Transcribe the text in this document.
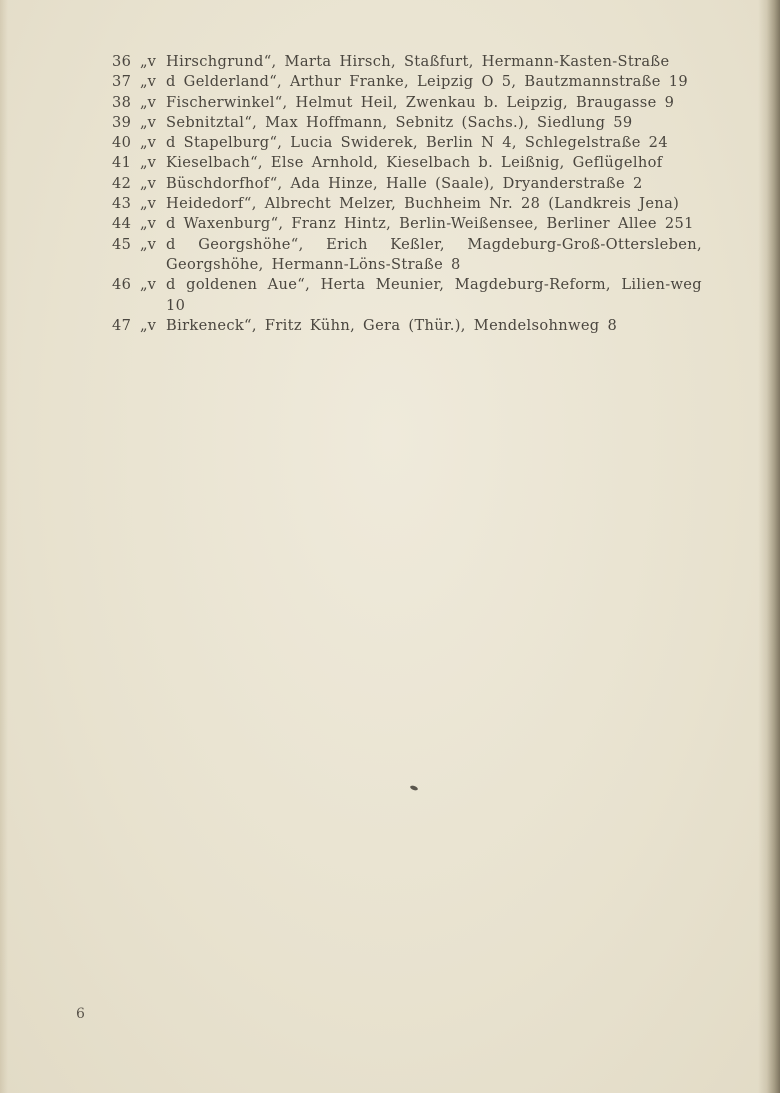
36 „v Hirschgrund“, Marta Hirsch, Staßfurt, Hermann-Kasten-Straße
37 „v d Gelderland“, Arthur Franke, Leipzig O 5, Bautzmannstraße 19
38 „v Fischerwinkel“, Helmut Heil, Zwenkau b. Leipzig, Braugasse 9
39 „v Sebnitztal“, Max Hoffmann, Sebnitz (Sachs.), Siedlung 59
40 „v d Stapelburg“, Lucia Swiderek, Berlin N 4, Schlegelstraße 24
41 „v Kieselbach“, Else Arnhold, Kieselbach b. Leißnig, Geflügelhof
42 „v Büschdorfhof“, Ada Hinze, Halle (Saale), Dryanderstraße 2
43 „v Heidedorf“, Albrecht Melzer, Buchheim Nr. 28 (Landkreis Jena)
44 „v d Waxenburg“, Franz Hintz, Berlin-Weißensee, Berliner Allee 251
45 „v d Georgshöhe“, Erich Keßler, Magdeburg-Groß-Ottersleben, Georgshöhe, Hermann-Löns-Straße 8
46 „v d goldenen Aue“, Herta Meunier, Magdeburg-Reform, Lilien-weg 10
47 „v Birkeneck“, Fritz Kühn, Gera (Thür.), Mendelsohnweg 8
6
